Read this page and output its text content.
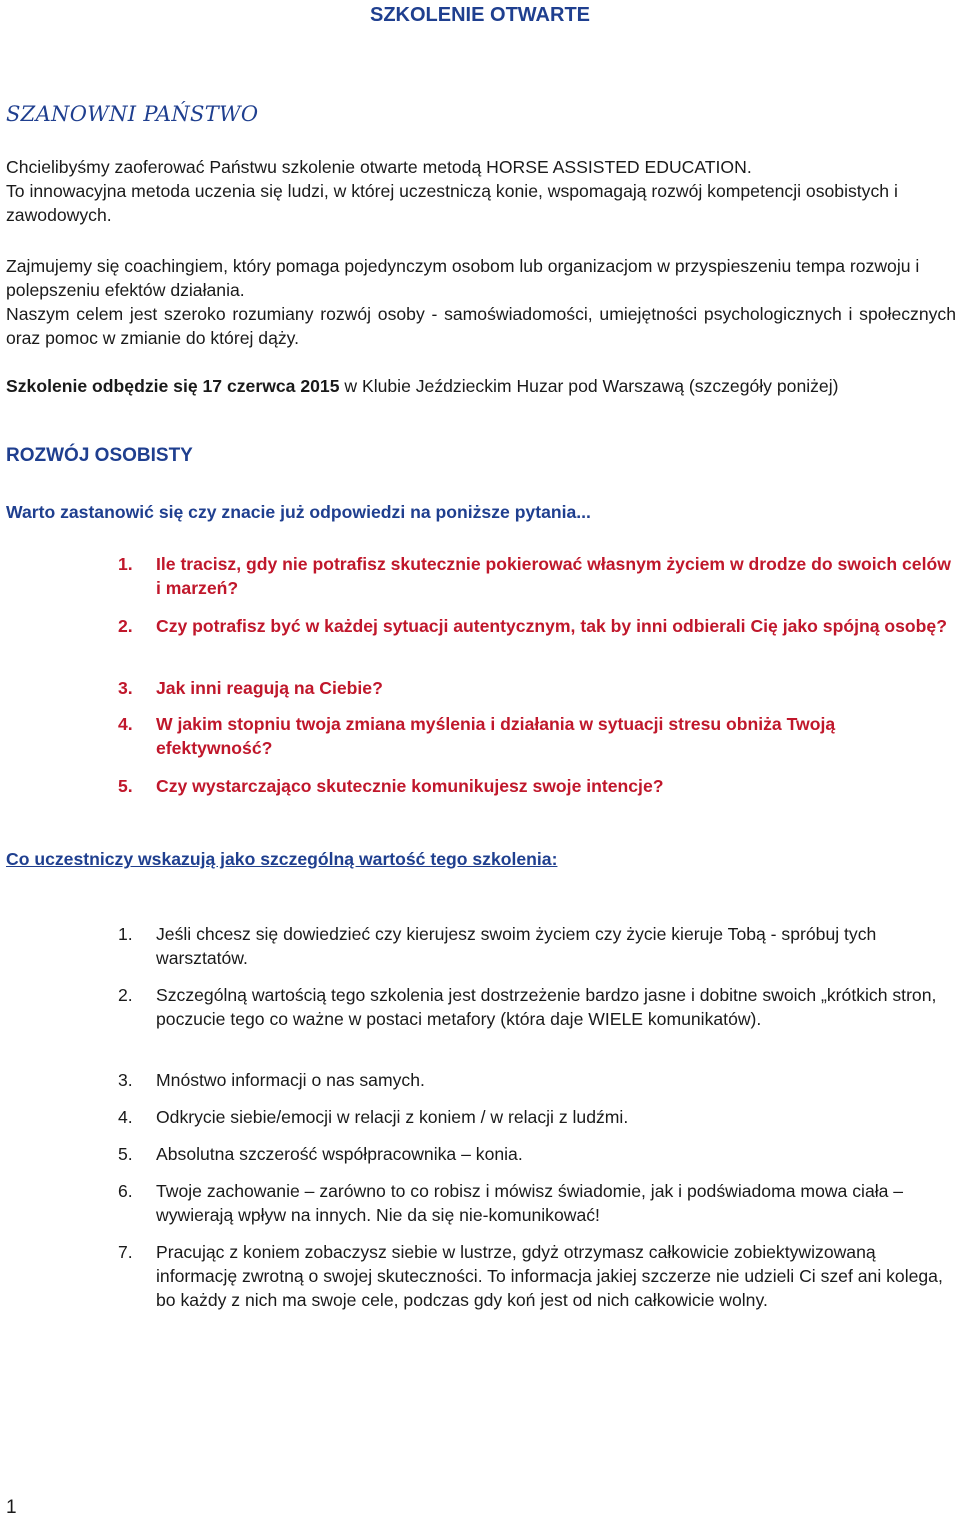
SZKOLENIE OTWARTE
SZANOWNI PAŃSTWO
Chcielibyśmy zaoferować Państwu szkolenie otwarte metodą HORSE ASSISTED EDUCATION.
To innowacyjna metoda uczenia się ludzi, w której uczestniczą konie, wspomagają rozwój kompetencji osobistych i zawodowych.
Zajmujemy się coachingiem, który pomaga pojedynczym osobom lub organizacjom w przyspieszeniu tempa rozwoju i polepszeniu efektów działania.
Naszym celem jest szeroko rozumiany rozwój osoby - samoświadomości, umiejętności psychologicznych i społecznych oraz pomoc w zmianie do której dąży.
Szkolenie odbędzie się 17 czerwca 2015 w Klubie Jeździeckim Huzar pod Warszawą (szczegóły poniżej)
ROZWÓJ OSOBISTY
Warto zastanowić się czy znacie już odpowiedzi na poniższe pytania...
1.	Ile tracisz, gdy nie potrafisz skutecznie pokierować własnym życiem w drodze do swoich celów i marzeń?
2.	Czy potrafisz być w każdej sytuacji autentycznym, tak by inni odbierali Cię jako spójną osobę?
3.	Jak inni reagują na Ciebie?
4.	W jakim stopniu twoja zmiana myślenia i działania w sytuacji stresu obniża Twoją efektywność?
5.	Czy wystarczająco skutecznie komunikujesz swoje intencje?
Co uczestniczy wskazują jako szczególną wartość tego szkolenia:
1.	Jeśli chcesz się dowiedzieć czy kierujesz swoim życiem czy życie kieruje Tobą - spróbuj tych warsztatów.
2.	Szczególną wartością tego szkolenia jest dostrzeżenie bardzo jasne i dobitne swoich „krótkich stron, poczucie tego co ważne w postaci metafory (która daje WIELE komunikatów).
3.	Mnóstwo informacji o nas samych.
4.	Odkrycie siebie/emocji w relacji z koniem / w relacji z ludźmi.
5.	Absolutna szczerość współpracownika – konia.
6.	Twoje zachowanie – zarówno to co robisz i mówisz świadomie, jak i podświadoma mowa ciała – wywierają wpływ na innych. Nie da się nie-komunikować!
7.	Pracując z koniem zobaczysz siebie w lustrze, gdyż otrzymasz całkowicie zobiektywizowaną informację zwrotną o swojej skuteczności. To informacja jakiej szczerze nie udzieli Ci szef ani kolega, bo każdy z nich ma swoje cele, podczas gdy koń jest od nich całkowicie wolny.
1
